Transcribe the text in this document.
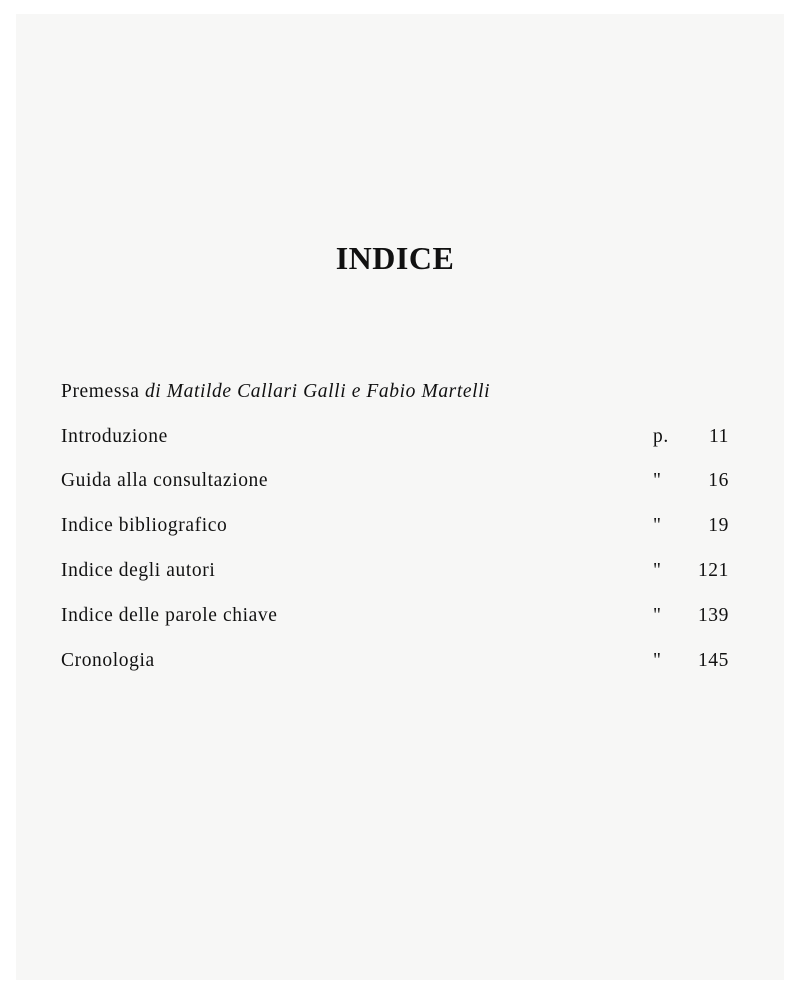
INDICE
Premessa di Matilde Callari Galli e Fabio Martelli
Introduzione	p.	11
Guida alla consultazione	"	16
Indice bibliografico	"	19
Indice degli autori	"	121
Indice delle parole chiave	"	139
Cronologia	"	145
